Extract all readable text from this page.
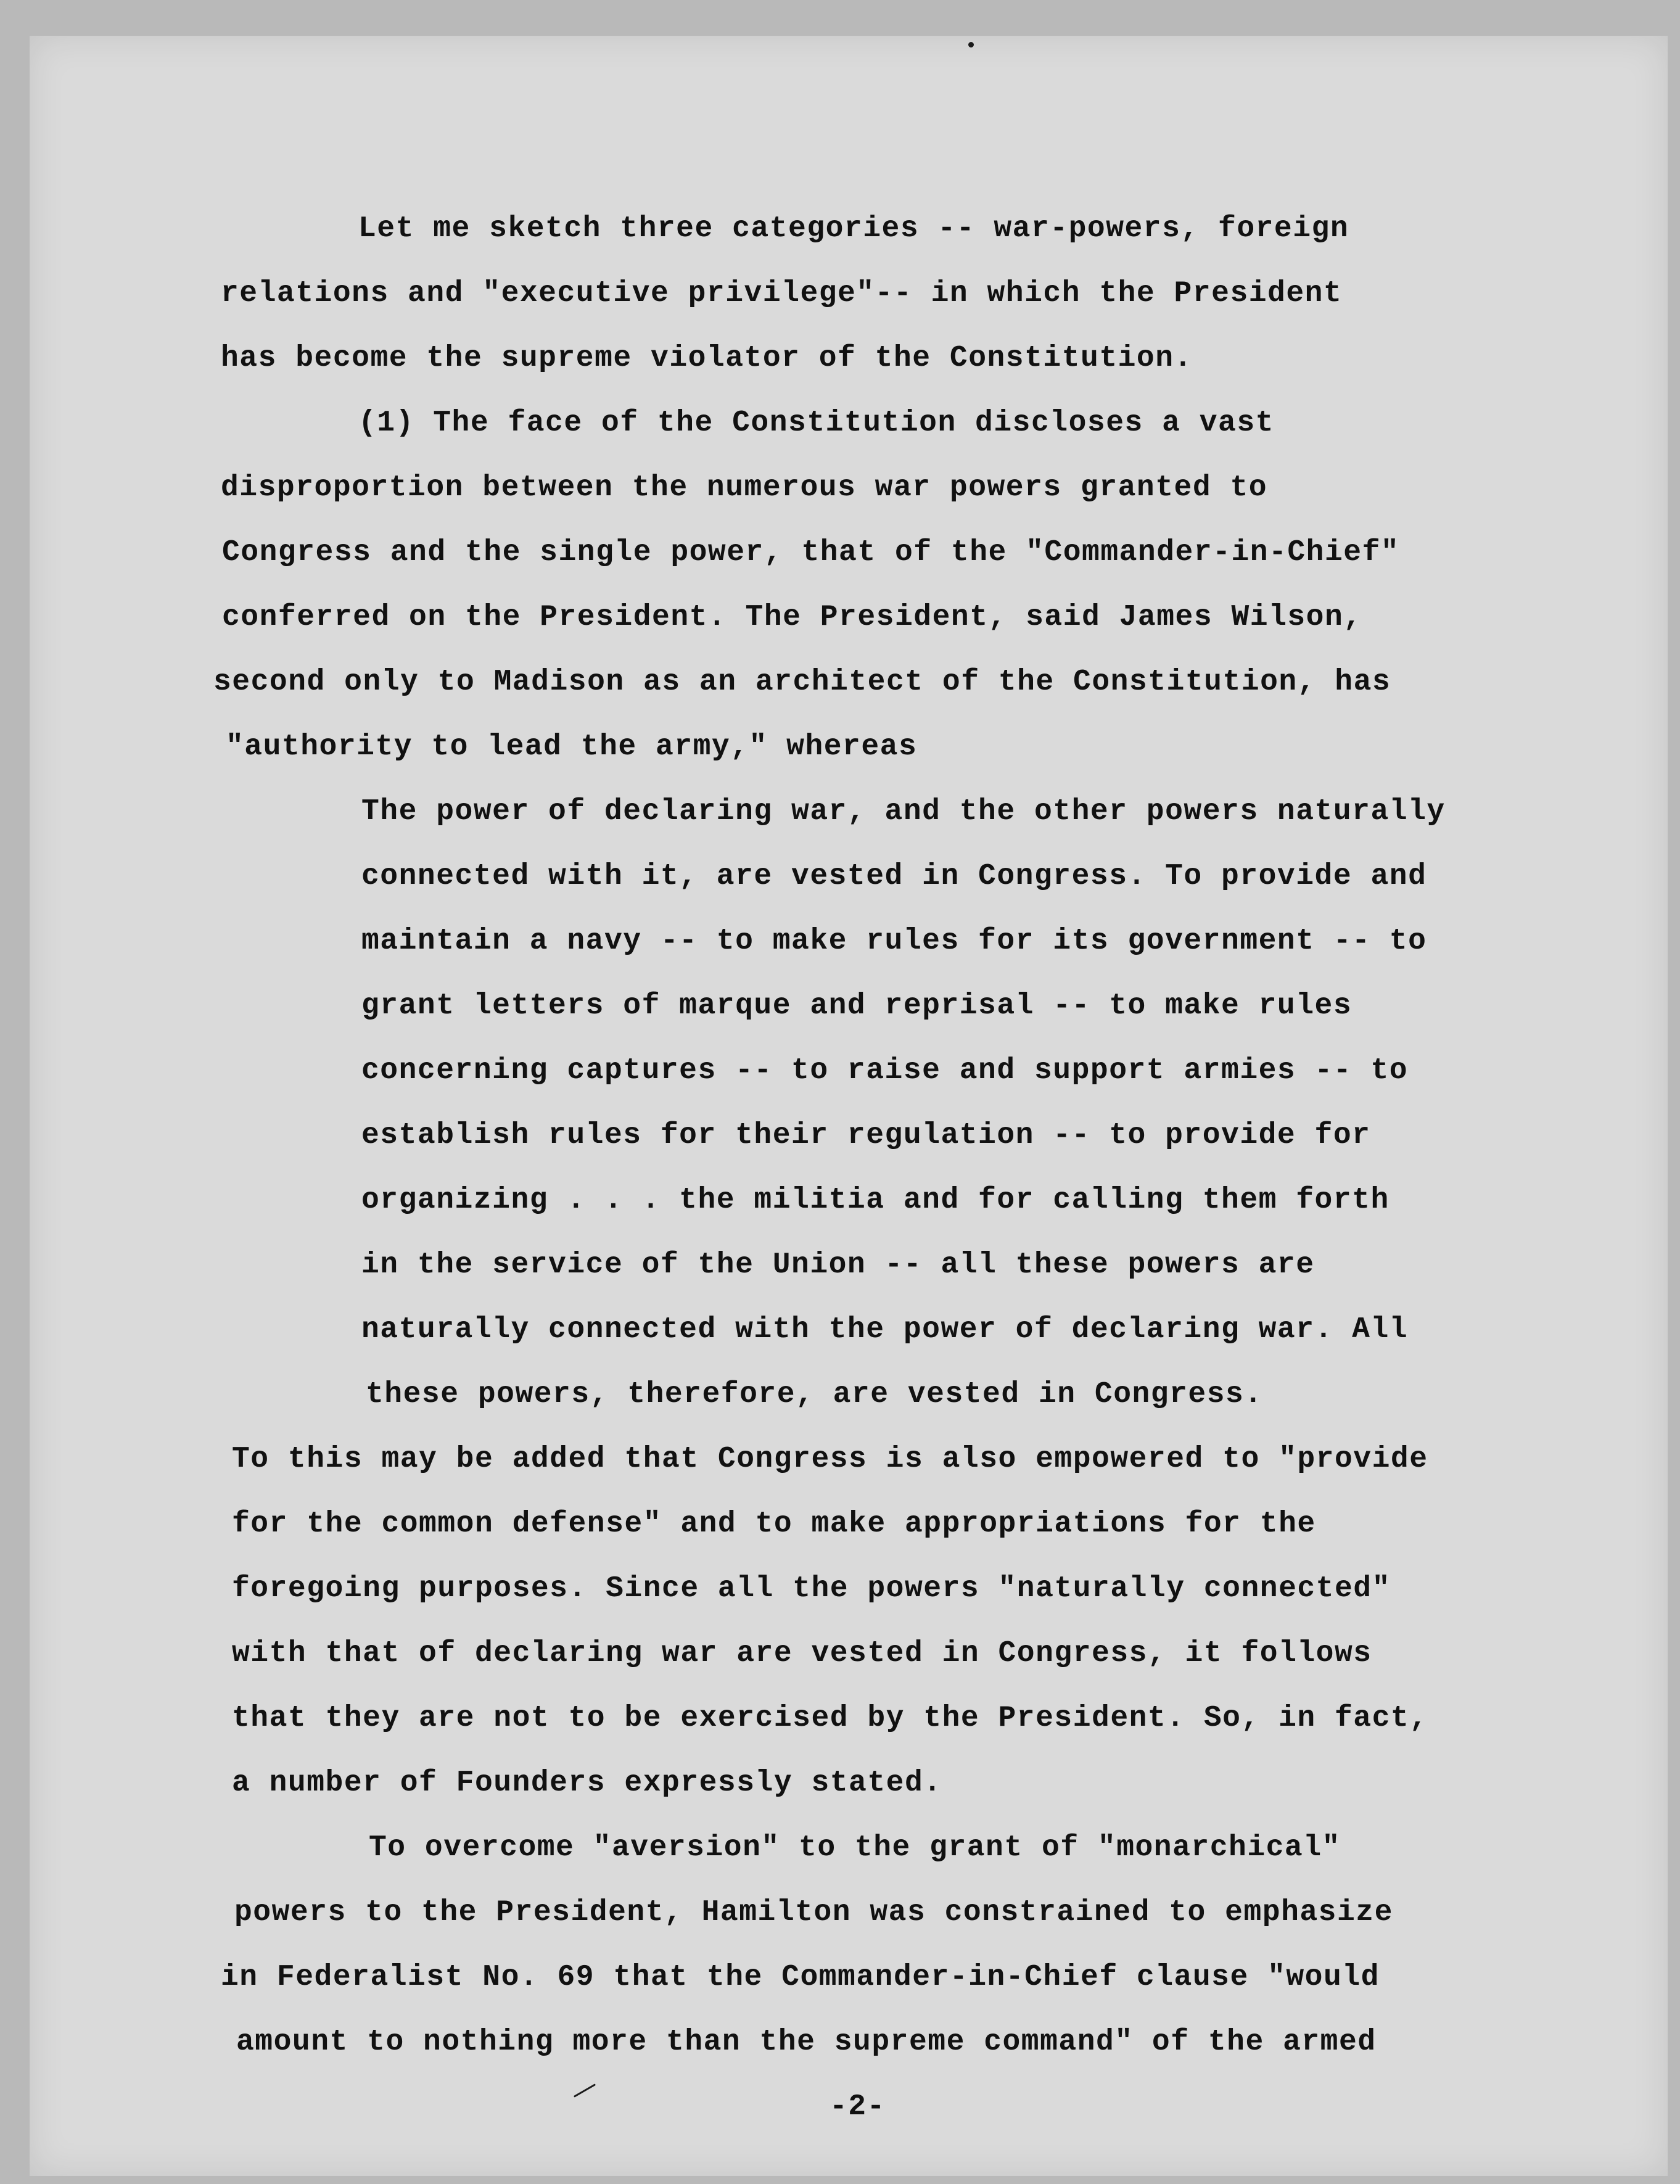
Let me sketch three categories -- war-powers, foreign
relations and "executive privilege"-- in which the President
has become the supreme violator of the Constitution.
(1) The face of the Constitution discloses a vast
disproportion between the numerous war powers granted to
Congress and the single power, that of the "Commander-in-Chief"
conferred on the President. The President, said James Wilson,
second only to Madison as an architect of the Constitution, has
"authority to lead the army," whereas
The power of declaring war, and the other powers naturally
connected with it, are vested in Congress. To provide and
maintain a navy -- to make rules for its government -- to
grant letters of marque and reprisal -- to make rules
concerning captures -- to raise and support armies -- to
establish rules for their regulation -- to provide for
organizing . . . the militia and for calling them forth
in the service of the Union -- all these powers are
naturally connected with the power of declaring war. All
these powers, therefore, are vested in Congress.
To this may be added that Congress is also empowered to "provide
for the common defense" and to make appropriations for the
foregoing purposes. Since all the powers "naturally connected"
with that of declaring war are vested in Congress, it follows
that they are not to be exercised by the President. So, in fact,
a number of Founders expressly stated.
To overcome "aversion" to the grant of "monarchical"
powers to the President, Hamilton was constrained to emphasize
in Federalist No. 69 that the Commander-in-Chief clause "would
amount to nothing more than the supreme command" of the armed
-2-
